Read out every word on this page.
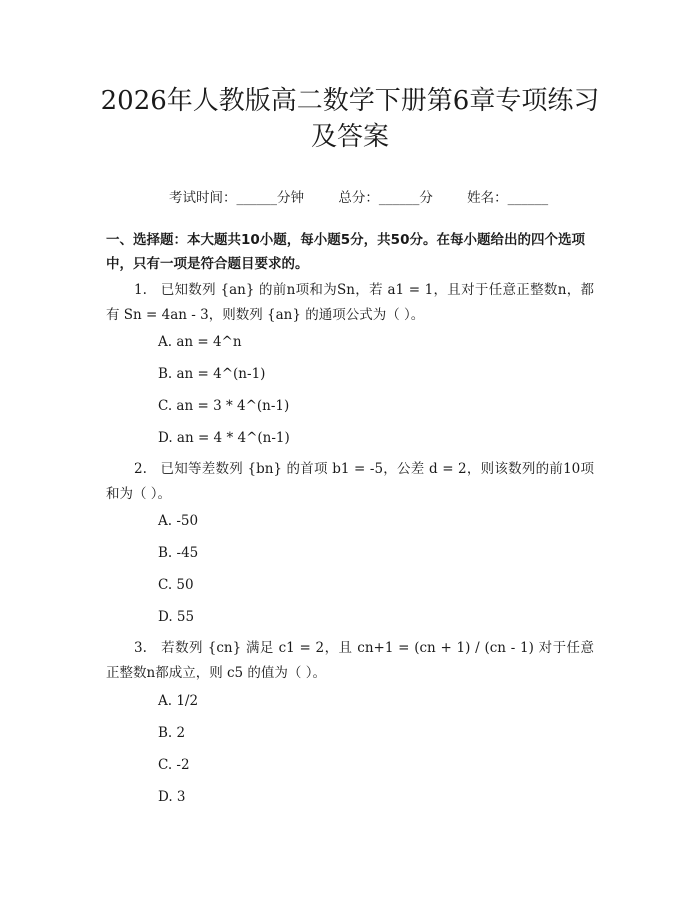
2026年人教版高二数学下册第6章专项练习
及答案

考试时间：______分钟	总分：______分	姓名：______

一、选择题：本大题共10小题，每小题5分，共50分。在每小题给出的四个选项中，只有一项是符合题目要求的。
1. 已知数列 {an} 的前n项和为Sn，若 a1 = 1，且对于任意正整数n，都有 Sn = 4an - 3，则数列 {an} 的通项公式为（ ）。
A. an = 4^n
B. an = 4^(n-1)
C. an = 3 * 4^(n-1)
D. an = 4 * 4^(n-1)
2. 已知等差数列 {bn} 的首项 b1 = -5，公差 d = 2，则该数列的前10项和为（ ）。
A. -50
B. -45
C. 50
D. 55
3. 若数列 {cn} 满足 c1 = 2，且 cn+1 = (cn + 1) / (cn - 1) 对于任意正整数n都成立，则 c5 的值为（ ）。
A. 1/2
B. 2
C. -2
D. 3
